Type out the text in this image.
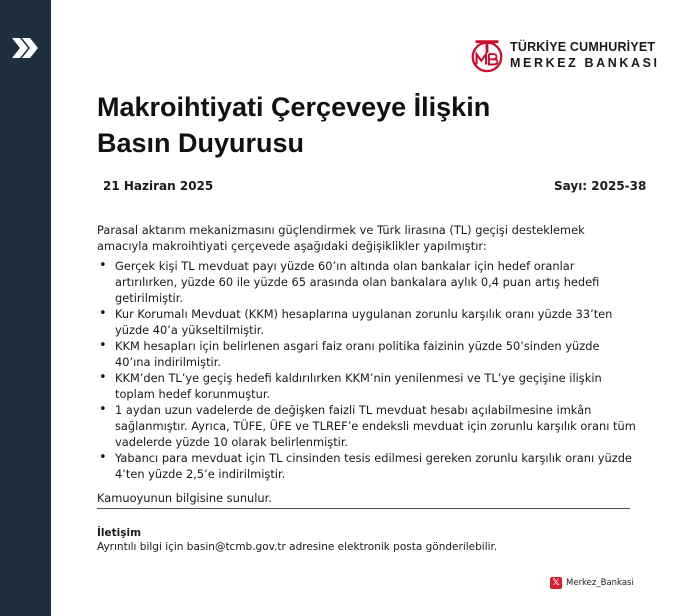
TÜRKİYE CUMHURİYET
MERKEZ BANKASI
Makroihtiyati Çerçeveye İlişkin Basın Duyurusu
21 Haziran 2025	Sayı: 2025-38

Parasal aktarım mekanizmasını güçlendirmek ve Türk lirasına (TL) geçişi desteklemek amacıyla makroihtiyati çerçevede aşağıdaki değişiklikler yapılmıştır:

• Gerçek kişi TL mevduat payı yüzde 60’ın altında olan bankalar için hedef oranlar artırılırken, yüzde 60 ile yüzde 65 arasında olan bankalara aylık 0,4 puan artış hedefi getirilmiştir.
• Kur Korumalı Mevduat (KKM) hesaplarına uygulanan zorunlu karşılık oranı yüzde 33’ten yüzde 40’a yükseltilmiştir.
• KKM hesapları için belirlenen asgari faiz oranı politika faizinin yüzde 50’sinden yüzde 40’ına indirilmiştir.
• KKM’den TL’ye geçiş hedefi kaldırılırken KKM’nin yenilenmesi ve TL’ye geçişine ilişkin toplam hedef korunmuştur.
• 1 aydan uzun vadelerde de değişken faizli TL mevduat hesabı açılabilmesine imkân sağlanmıştır. Ayrıca, TÜFE, ÜFE ve TLREF’e endeksli mevduat için zorunlu karşılık oranı tüm vadelerde yüzde 10 olarak belirlenmiştir.
• Yabancı para mevduat için TL cinsinden tesis edilmesi gereken zorunlu karşılık oranı yüzde 4’ten yüzde 2,5’e indirilmiştir.

Kamuoyunun bilgisine sunulur.

İletişim
Ayrıntılı bilgi için basin@tcmb.gov.tr adresine elektronik posta gönderilebilir.
𝕏 Merkez_Bankasi
